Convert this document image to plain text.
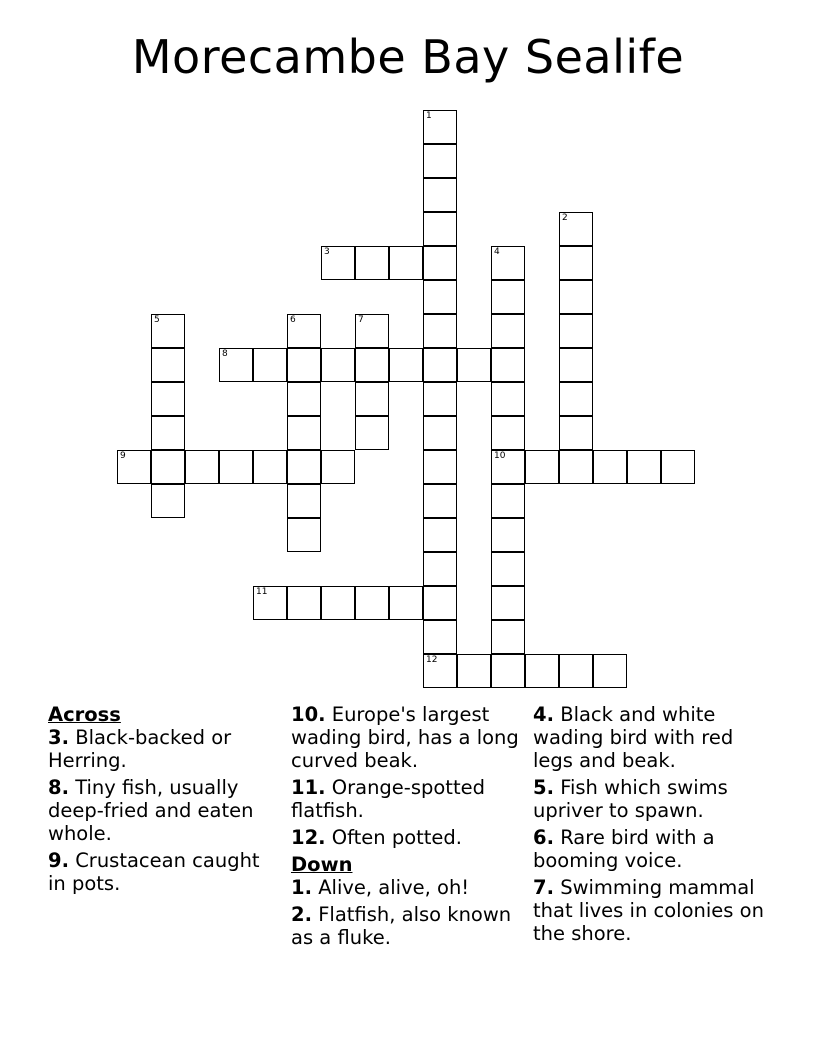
Morecambe Bay Sealife
1
12
2
3	4
10
5	6	7
8
9
11
Across
3. Black-backed or Herring.
8. Tiny fish, usually deep-fried and eaten whole.
9. Crustacean caught in pots.
10. Europe's largest wading bird, has a long curved beak.
11. Orange-spotted flatfish.
12. Often potted.
Down
1. Alive, alive, oh!
2. Flatfish, also known as a fluke.
4. Black and white wading bird with red legs and beak.
5. Fish which swims upriver to spawn.
6. Rare bird with a booming voice.
7. Swimming mammal that lives in colonies on the shore.
